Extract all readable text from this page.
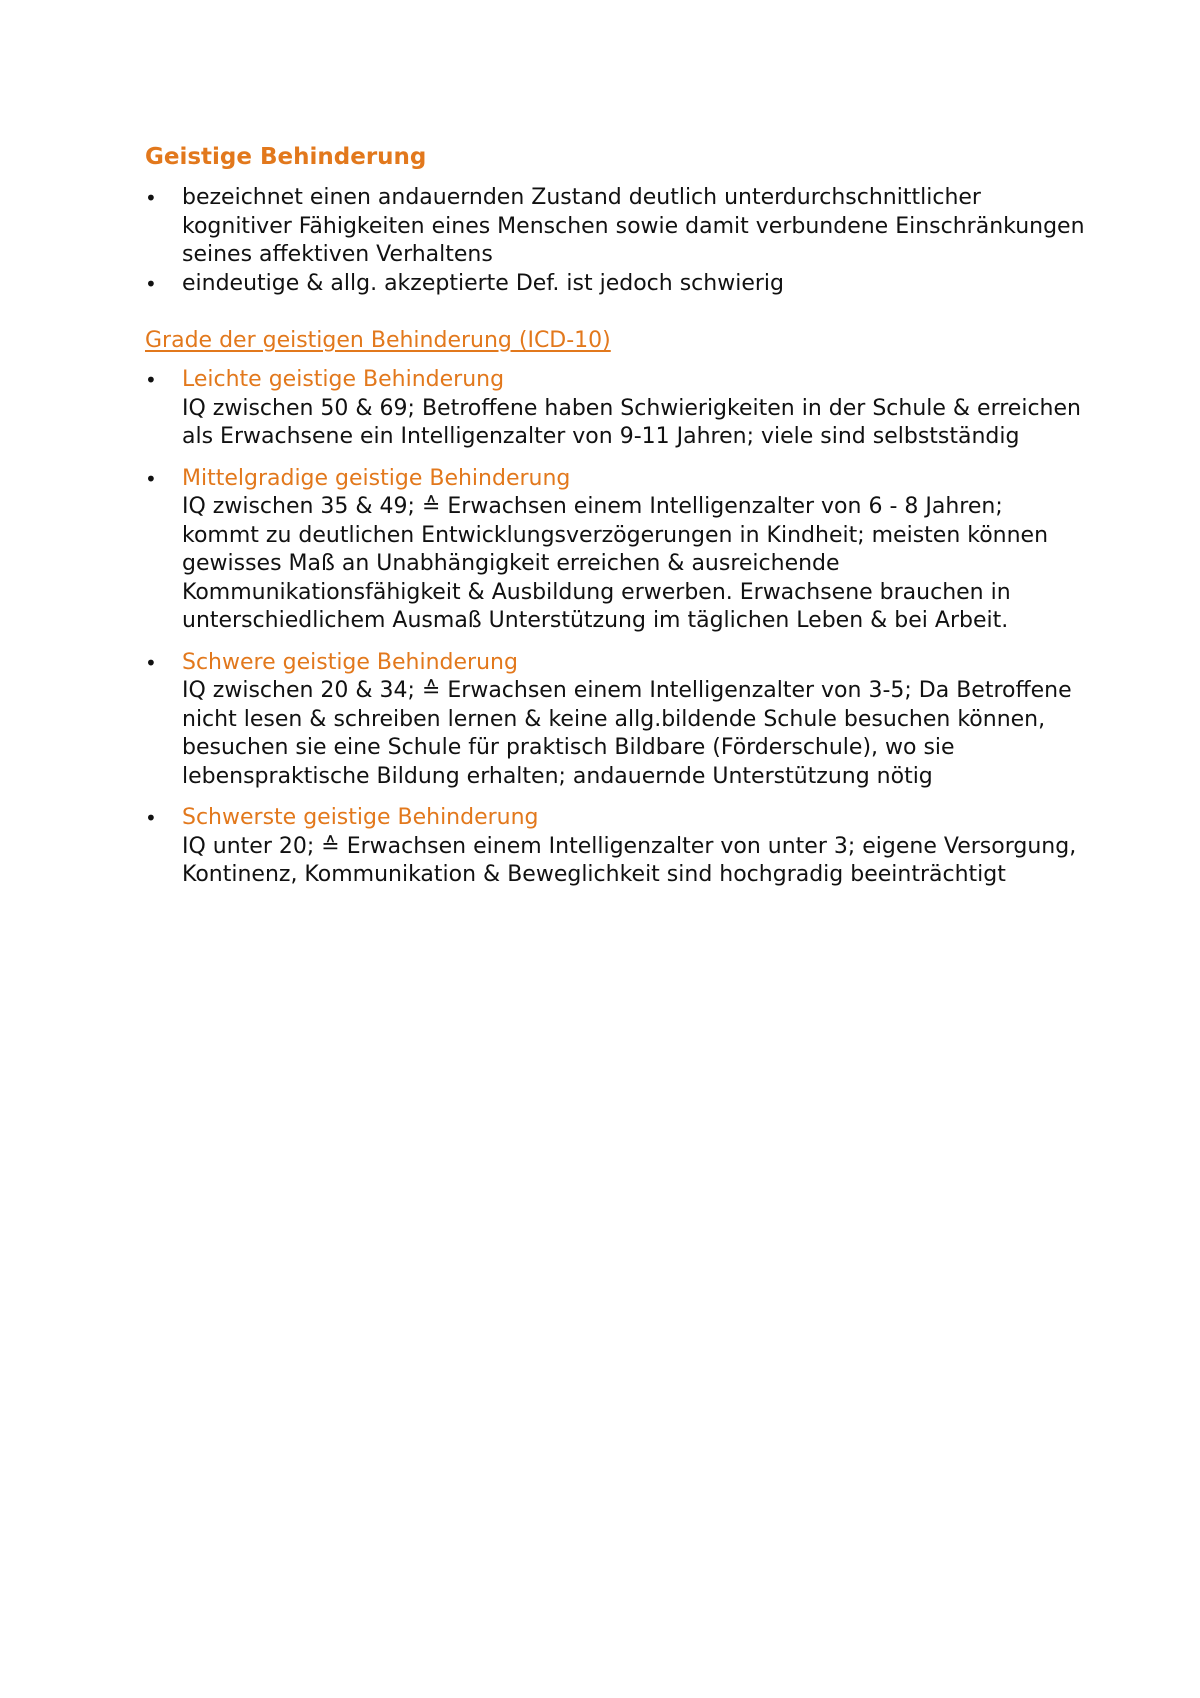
Geistige Behinderung
• bezeichnet einen andauernden Zustand deutlich unterdurchschnittlicher kognitiver Fähigkeiten eines Menschen sowie damit verbundene Einschränkungen seines affektiven Verhaltens
• eindeutige & allg. akzeptierte Def. ist jedoch schwierig
Grade der geistigen Behinderung (ICD-10)
• Leichte geistige Behinderung
IQ zwischen 50 & 69; Betroffene haben Schwierigkeiten in der Schule & erreichen als Erwachsene ein Intelligenzalter von 9-11 Jahren; viele sind selbstständig
• Mittelgradige geistige Behinderung
IQ zwischen 35 & 49; ≙ Erwachsen einem Intelligenzalter von 6 - 8 Jahren; kommt zu deutlichen Entwicklungsverzögerungen in Kindheit; meisten können gewisses Maß an Unabhängigkeit erreichen & ausreichende Kommunikationsfähigkeit & Ausbildung erwerben. Erwachsene brauchen in unterschiedlichem Ausmaß Unterstützung im täglichen Leben & bei Arbeit.
• Schwere geistige Behinderung
IQ zwischen 20 & 34; ≙ Erwachsen einem Intelligenzalter von 3-5; Da Betroffene nicht lesen & schreiben lernen & keine allg.bildende Schule besuchen können, besuchen sie eine Schule für praktisch Bildbare (Förderschule), wo sie lebenspraktische Bildung erhalten; andauernde Unterstützung nötig
• Schwerste geistige Behinderung
IQ unter 20; ≙ Erwachsen einem Intelligenzalter von unter 3; eigene Versorgung, Kontinenz, Kommunikation & Beweglichkeit sind hochgradig beeinträchtigt
